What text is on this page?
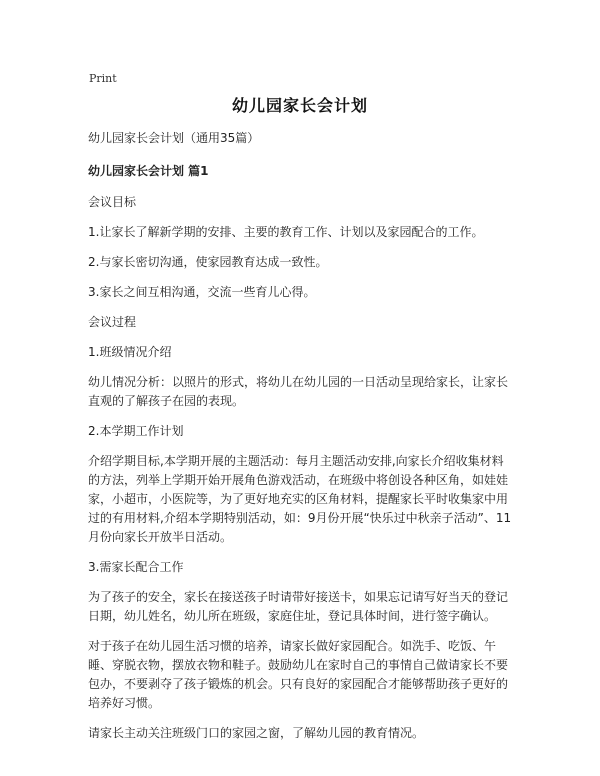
Print
幼儿园家长会计划

幼儿园家长会计划（通用35篇）

幼儿园家长会计划 篇1

会议目标

1.让家长了解新学期的安排、主要的教育工作、计划以及家园配合的工作。

2.与家长密切沟通，使家园教育达成一致性。

3.家长之间互相沟通，交流一些育儿心得。

会议过程

1.班级情况介绍

幼儿情况分析：以照片的形式，将幼儿在幼儿园的一日活动呈现给家长，让家长直观的了解孩子在园的表现。

2.本学期工作计划

介绍学期目标,本学期开展的主题活动：每月主题活动安排,向家长介绍收集材料的方法，列举上学期开始开展角色游戏活动，在班级中将创设各种区角，如娃娃家，小超市，小医院等，为了更好地充实的区角材料，提醒家长平时收集家中用过的有用材料,介绍本学期特别活动，如：9月份开展“快乐过中秋亲子活动”、11月份向家长开放半日活动。

3.需家长配合工作

为了孩子的安全，家长在接送孩子时请带好接送卡，如果忘记请写好当天的登记日期，幼儿姓名，幼儿所在班级，家庭住址，登记具体时间，进行签字确认。

对于孩子在幼儿园生活习惯的培养，请家长做好家园配合。如洗手、吃饭、午睡、穿脱衣物，摆放衣物和鞋子。鼓励幼儿在家时自己的事情自己做请家长不要包办，不要剥夺了孩子锻炼的机会。只有良好的家园配合才能够帮助孩子更好的培养好习惯。

请家长主动关注班级门口的家园之窗，了解幼儿园的教育情况。
